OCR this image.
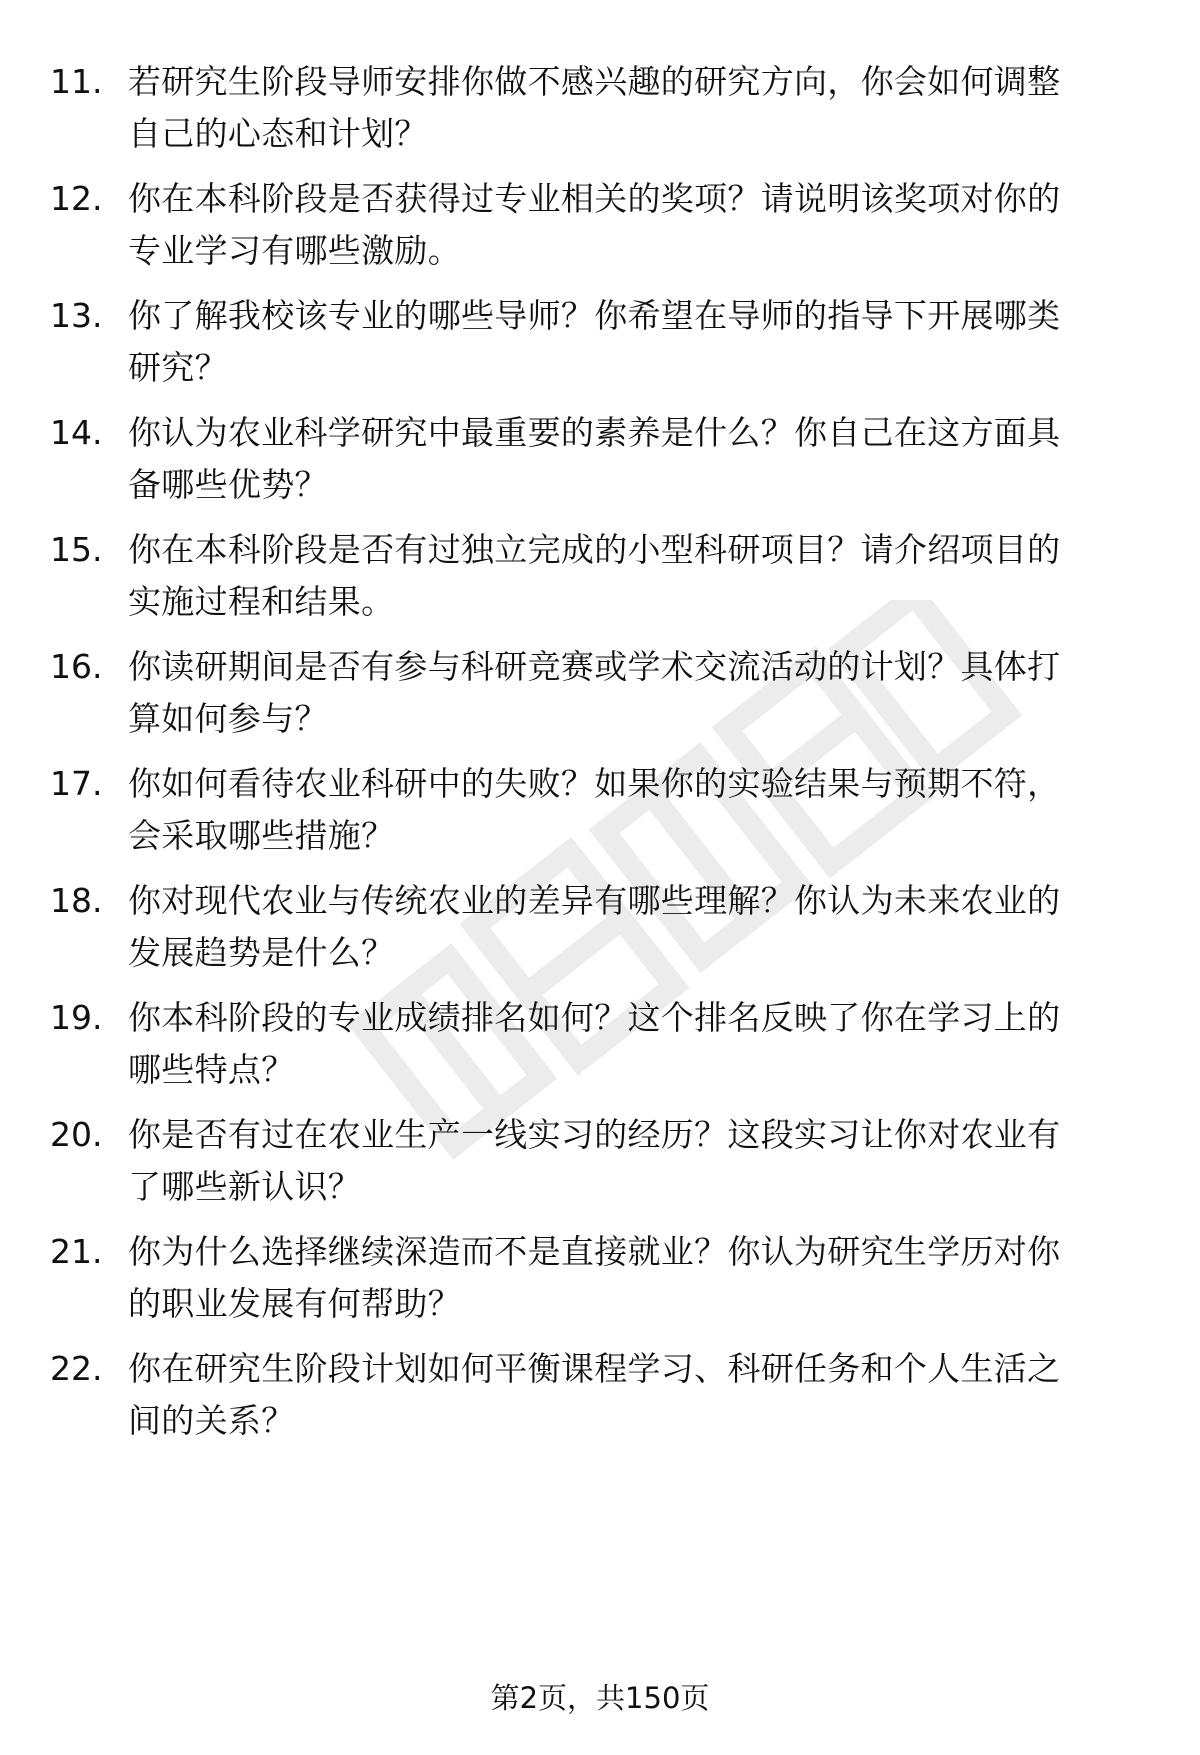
11. 若研究生阶段导师安排你做不感兴趣的研究方向，你会如何调整
自己的心态和计划？
12. 你在本科阶段是否获得过专业相关的奖项？请说明该奖项对你的
专业学习有哪些激励。
13. 你了解我校该专业的哪些导师？你希望在导师的指导下开展哪类
研究？
14. 你认为农业科学研究中最重要的素养是什么？你自己在这方面具
备哪些优势？
15. 你在本科阶段是否有过独立完成的小型科研项目？请介绍项目的
实施过程和结果。
16. 你读研期间是否有参与科研竞赛或学术交流活动的计划？具体打
算如何参与？
17. 你如何看待农业科研中的失败？如果你的实验结果与预期不符，
会采取哪些措施？
18. 你对现代农业与传统农业的差异有哪些理解？你认为未来农业的
发展趋势是什么？
19. 你本科阶段的专业成绩排名如何？这个排名反映了你在学习上的
哪些特点？
20. 你是否有过在农业生产一线实习的经历？这段实习让你对农业有
了哪些新认识？
21. 你为什么选择继续深造而不是直接就业？你认为研究生学历对你
的职业发展有何帮助？
22. 你在研究生阶段计划如何平衡课程学习、科研任务和个人生活之
间的关系？
第2页，共150页
